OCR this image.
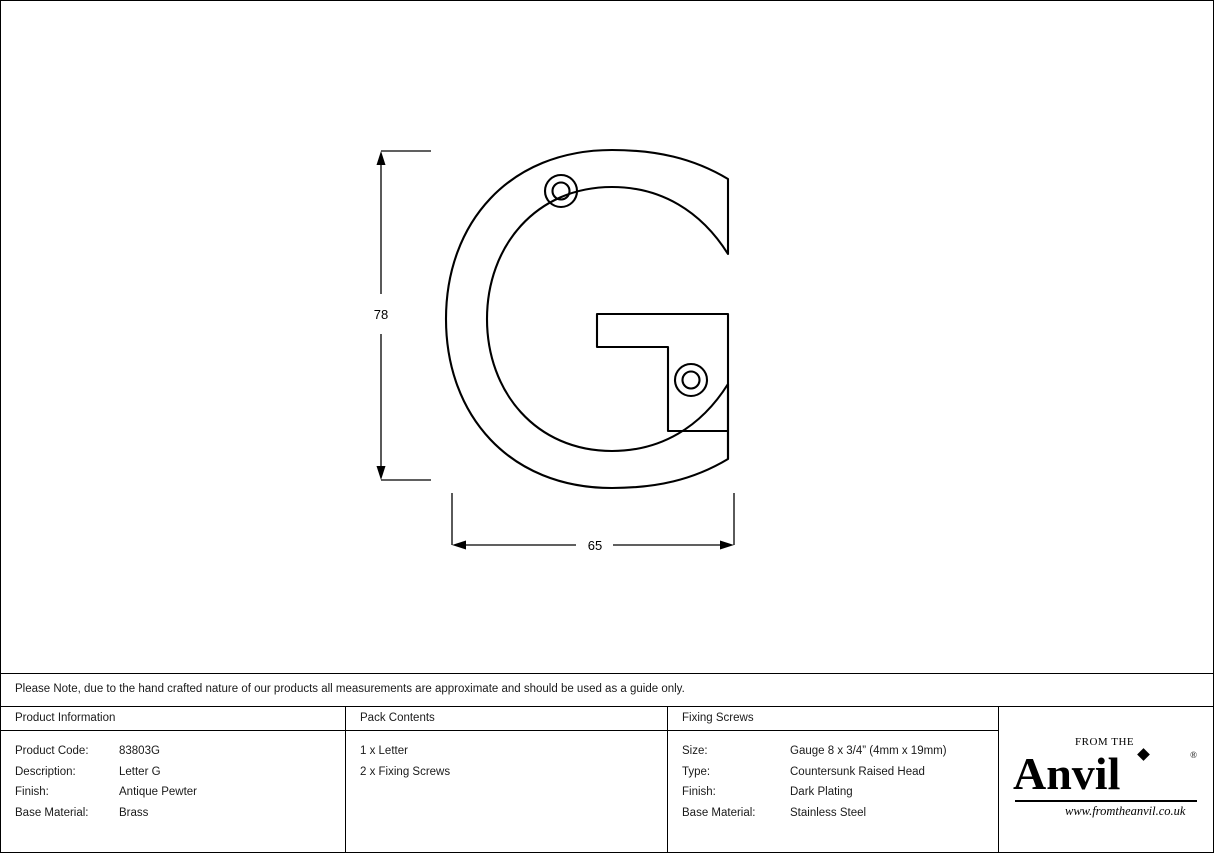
78
65
Please Note, due to the hand crafted nature of our products all measurements are approximate and should be used as a guide only.
Product Information
Product Code:	83803G
Description:	Letter G
Finish:	Antique Pewter
Base Material:	Brass
Pack Contents
1 x Letter
2 x Fixing Screws
Fixing Screws
Size:	Gauge 8 x 3/4” (4mm x 19mm)
Type:	Countersunk Raised Head
Finish:	Dark Plating
Base Material:	Stainless Steel
FROM THE
Anvil	®
www.fromtheanvil.co.uk
